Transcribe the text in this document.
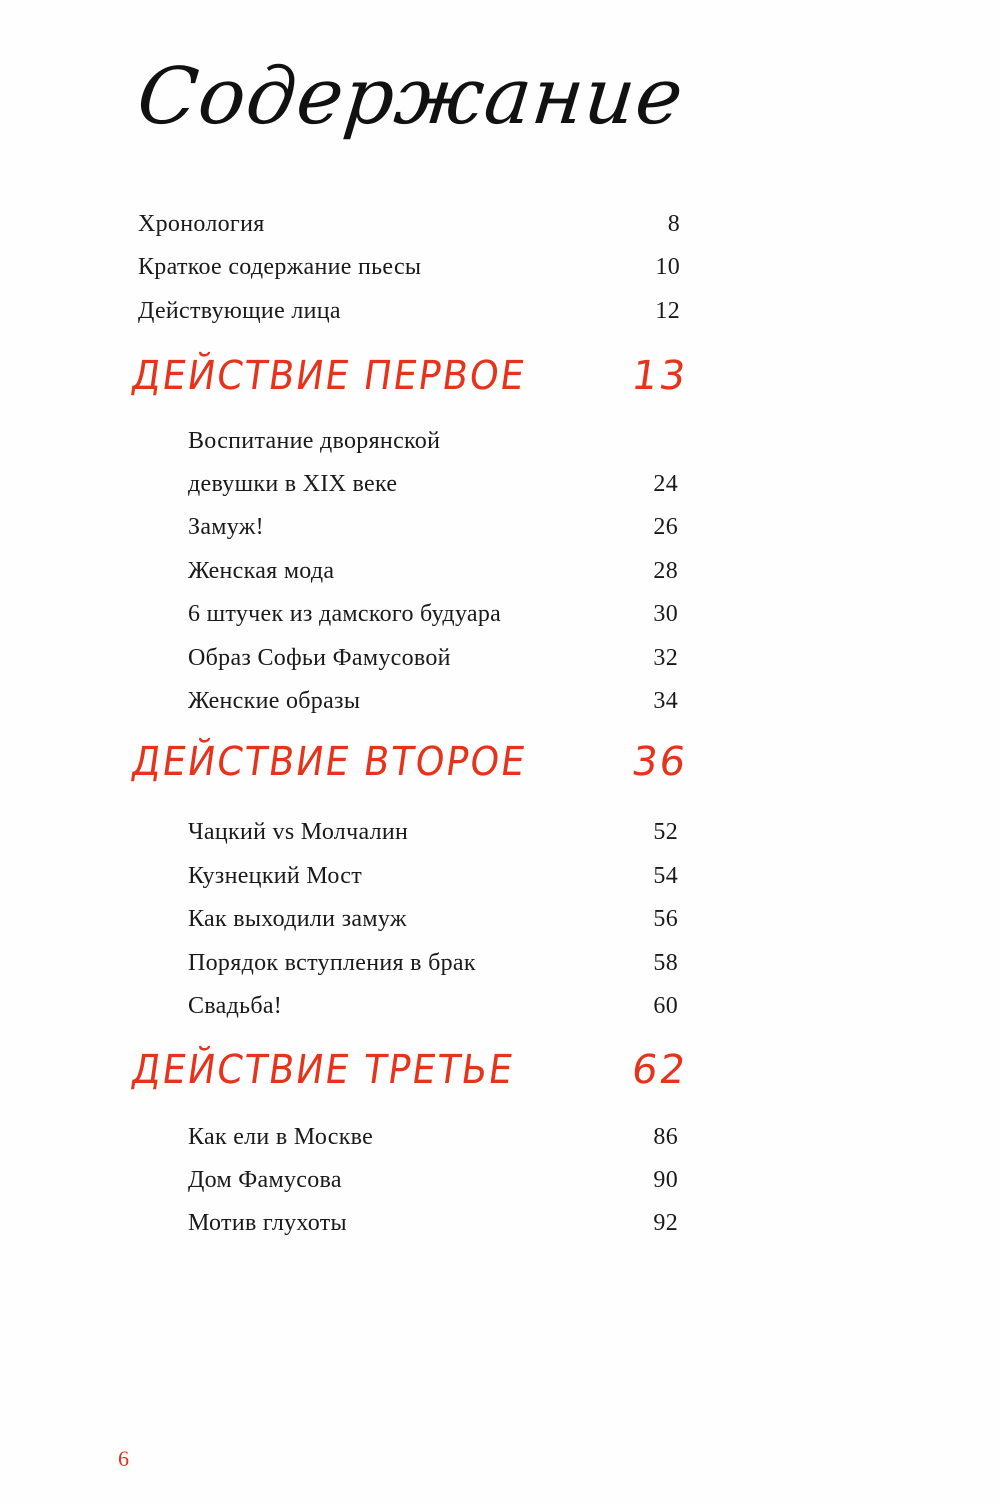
Содержание
Хронология	8
Краткое содержание пьесы	10
Действующие лица	12
ДЕЙСТВИЕ ПЕРВОЕ	13
Воспитание дворянской
девушки в XIX веке	24
Замуж!	26
Женская мода	28
6 штучек из дамского будуара	30
Образ Софьи Фамусовой	32
Женские образы	34
ДЕЙСТВИЕ ВТОРОЕ 36
Чацкий vs Молчалин	52
Кузнецкий Мост	54
Как выходили замуж	56
Порядок вступления в брак	58
Свадьба!	60
ДЕЙСТВИЕ ТРЕТЬЕ	62
Как ели в Москве	86
Дом Фамусова	90
Мотив глухоты	92
6
